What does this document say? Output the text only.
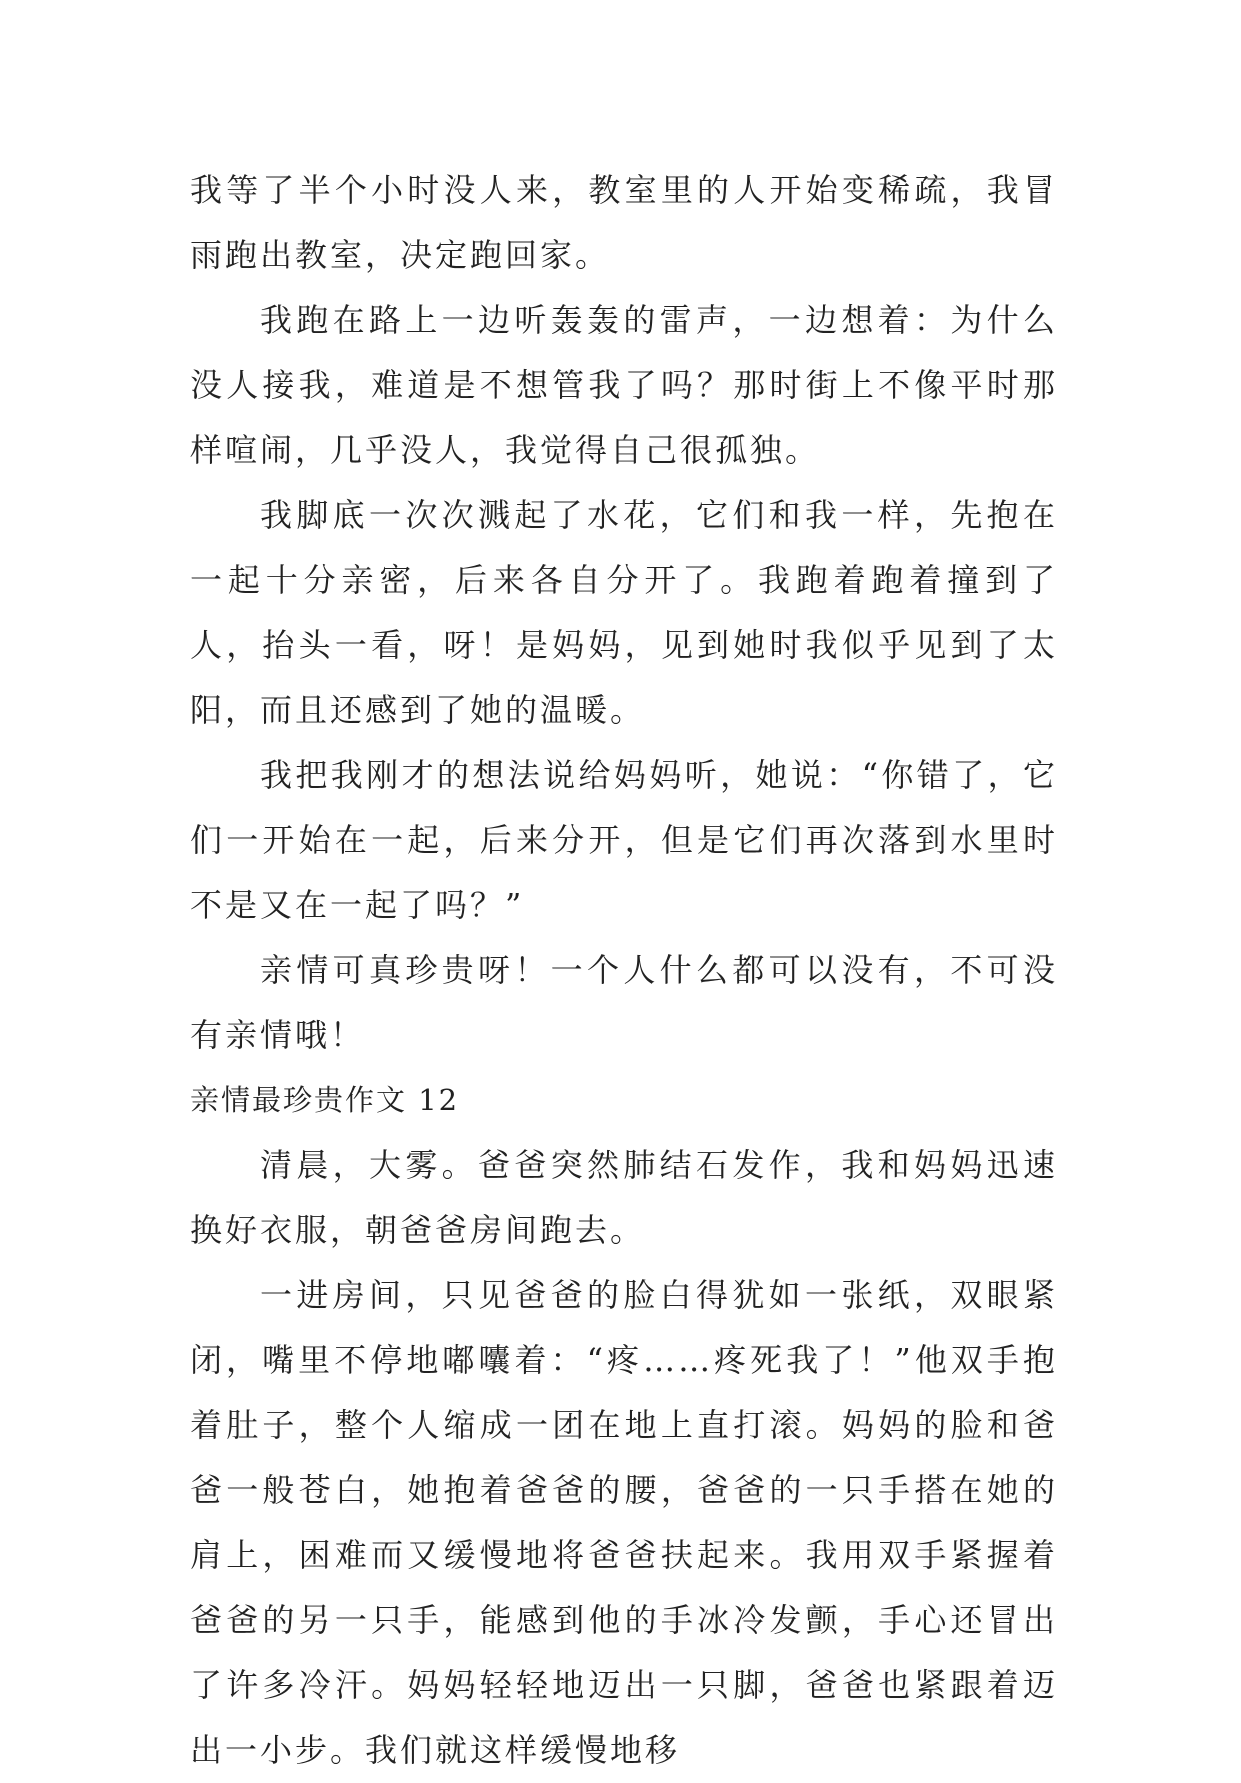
我等了半个小时没人来，教室里的人开始变稀疏，我冒雨跑出教室，决定跑回家。

我跑在路上一边听轰轰的雷声，一边想着：为什么没人接我，难道是不想管我了吗？那时街上不像平时那样喧闹，几乎没人，我觉得自己很孤独。

我脚底一次次溅起了水花，它们和我一样，先抱在一起十分亲密，后来各自分开了。我跑着跑着撞到了人，抬头一看，呀！是妈妈，见到她时我似乎见到了太阳，而且还感到了她的温暖。

我把我刚才的想法说给妈妈听，她说：“你错了，它们一开始在一起，后来分开，但是它们再次落到水里时不是又在一起了吗？”

亲情可真珍贵呀！一个人什么都可以没有，不可没有亲情哦！

亲情最珍贵作文 12

清晨，大雾。爸爸突然肺结石发作，我和妈妈迅速换好衣服，朝爸爸房间跑去。

一进房间，只见爸爸的脸白得犹如一张纸，双眼紧闭，嘴里不停地嘟囔着：“疼……疼死我了！”他双手抱着肚子，整个人缩成一团在地上直打滚。妈妈的脸和爸爸一般苍白，她抱着爸爸的腰，爸爸的一只手搭在她的肩上，困难而又缓慢地将爸爸扶起来。我用双手紧握着爸爸的另一只手，能感到他的手冰冷发颤，手心还冒出了许多冷汗。妈妈轻轻地迈出一只脚，爸爸也紧跟着迈出一小步。我们就这样缓慢地移
